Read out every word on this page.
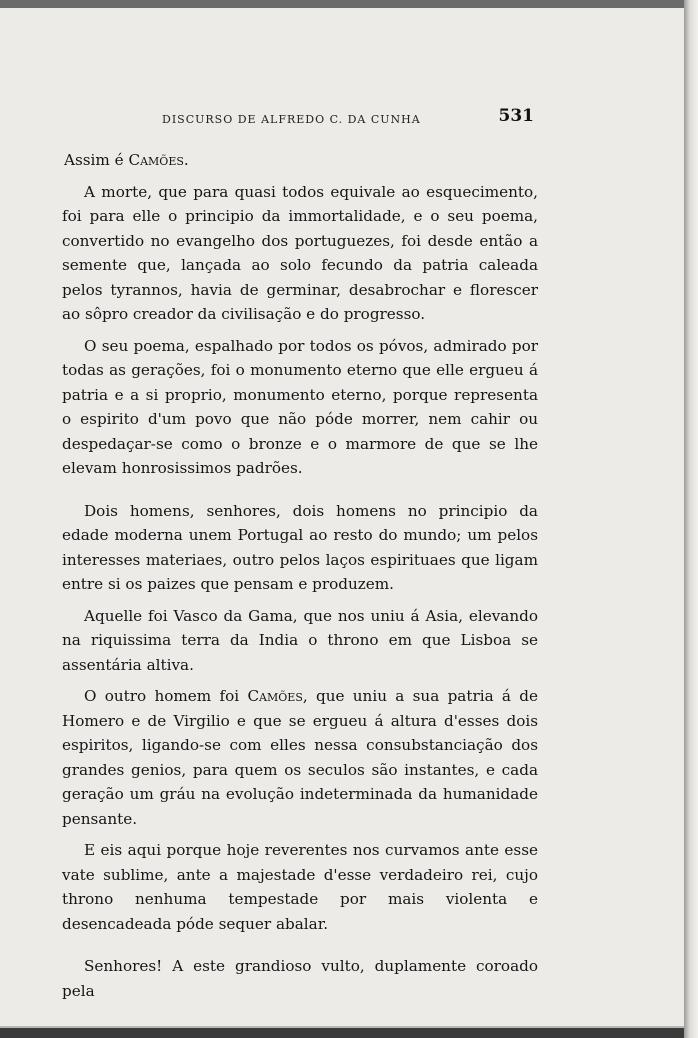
DISCURSO DE ALFREDO C. DA CUNHA	531

Assim é Camões.

A morte, que para quasi todos equivale ao esquecimento, foi para elle o principio da immortalidade, e o seu poema, convertido no evangelho dos portuguezes, foi desde então a semente que, lançada ao solo fecundo da patria caleada pelos tyrannos, havia de germinar, desabrochar e florescer ao sôpro creador da civilisação e do progresso.

O seu poema, espalhado por todos os póvos, admirado por todas as gerações, foi o monumento eterno que elle ergueu á patria e a si proprio, monumento eterno, porque representa o espirito d'um povo que não póde morrer, nem cahir ou despedaçar-se como o bronze e o marmore de que se lhe elevam honrosissimos padrões.

Dois homens, senhores, dois homens no principio da edade moderna unem Portugal ao resto do mundo; um pelos interesses materiaes, outro pelos laços espirituaes que ligam entre si os paizes que pensam e produzem.

Aquelle foi Vasco da Gama, que nos uniu á Asia, elevando na riquissima terra da India o throno em que Lisboa se assentária altiva.

O outro homem foi Camões, que uniu a sua patria á de Homero e de Virgilio e que se ergueu á altura d'esses dois espiritos, ligando-se com elles nessa consubstanciação dos grandes genios, para quem os seculos são instantes, e cada geração um gráu na evolução indeterminada da humanidade pensante.

E eis aqui porque hoje reverentes nos curvamos ante esse vate sublime, ante a majestade d'esse verdadeiro rei, cujo throno nenhuma tempestade por mais violenta e desencadeada póde sequer abalar.

Senhores! A este grandioso vulto, duplamente coroado pela
